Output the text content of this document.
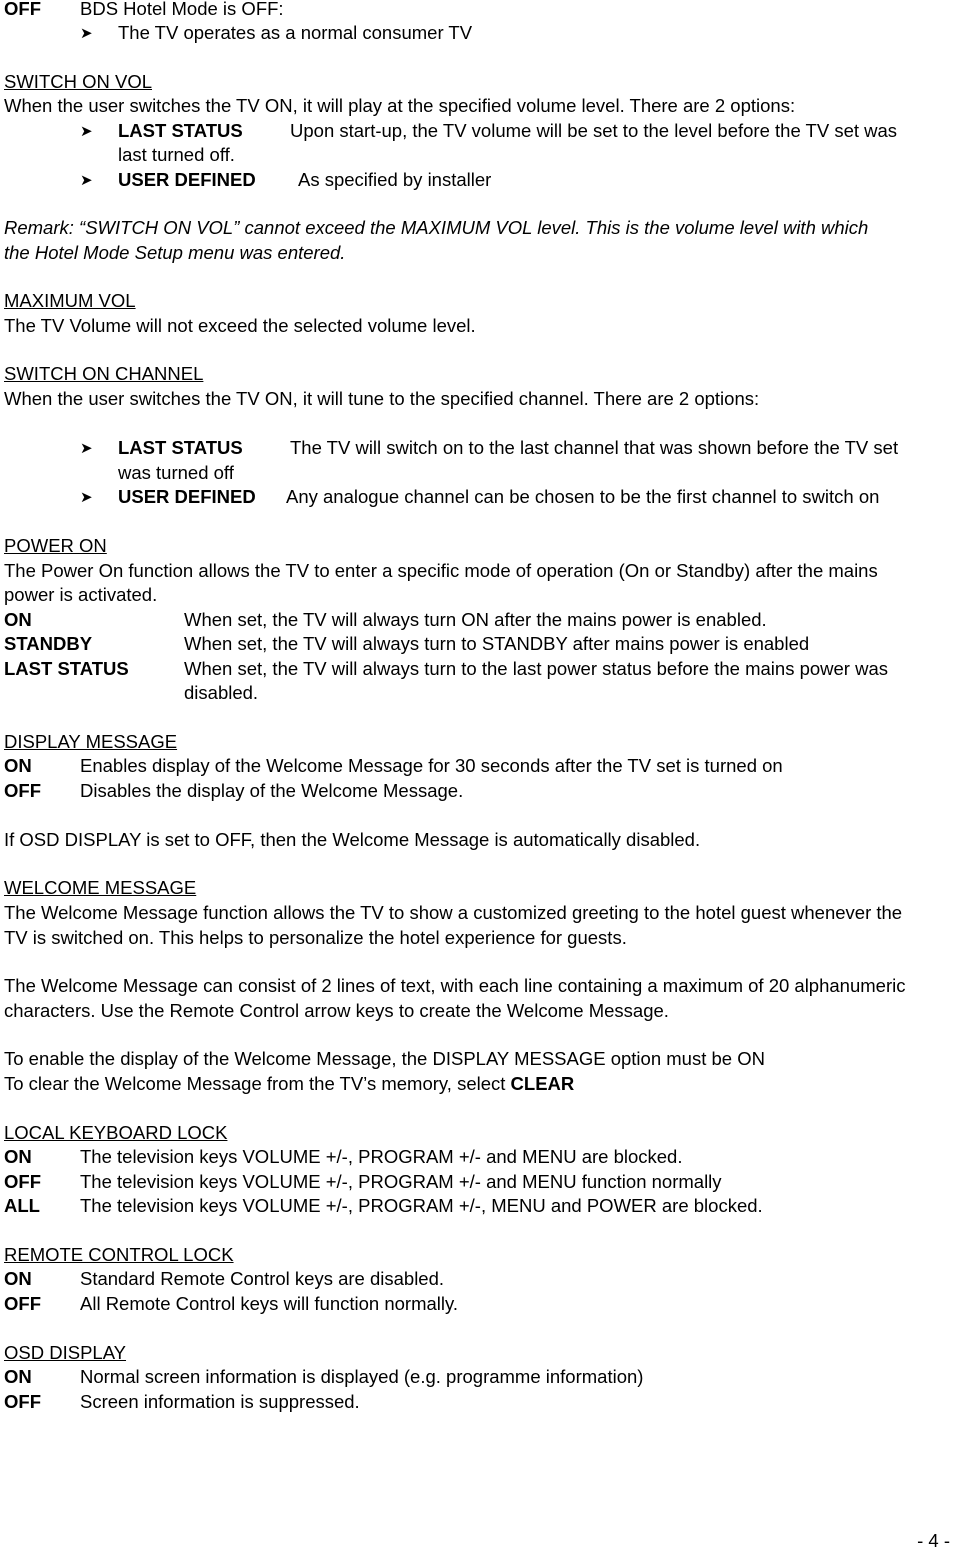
OFF BDS Hotel Mode is OFF:
➤ The TV operates as a normal consumer TV
SWITCH ON VOL
When the user switches the TV ON, it will play at the specified volume level. There are 2 options:
➤ LAST STATUS	Upon start-up, the TV volume will be set to the level before the TV set was
last turned off.
➤ USER DEFINED As specified by installer
Remark: “SWITCH ON VOL” cannot exceed the MAXIMUM VOL level. This is the volume level with which
the Hotel Mode Setup menu was entered.
MAXIMUM VOL
The TV Volume will not exceed the selected volume level.
SWITCH ON CHANNEL
When the user switches the TV ON, it will tune to the specified channel. There are 2 options:
➤ LAST STATUS	The TV will switch on to the last channel that was shown before the TV set
was turned off
➤ USER DEFINED Any analogue channel can be chosen to be the first channel to switch on
POWER ON
The Power On function allows the TV to enter a specific mode of operation (On or Standby) after the mains
power is activated.
ON	When set, the TV will always turn ON after the mains power is enabled.
STANDBY	When set, the TV will always turn to STANDBY after mains power is enabled
LAST STATUS	When set, the TV will always turn to the last power status before the mains power was
disabled.
DISPLAY MESSAGE
ON	Enables display of the Welcome Message for 30 seconds after the TV set is turned on
OFF Disables the display of the Welcome Message.
If OSD DISPLAY is set to OFF, then the Welcome Message is automatically disabled.
WELCOME MESSAGE
The Welcome Message function allows the TV to show a customized greeting to the hotel guest whenever the
TV is switched on. This helps to personalize the hotel experience for guests.
The Welcome Message can consist of 2 lines of text, with each line containing a maximum of 20 alphanumeric
characters. Use the Remote Control arrow keys to create the Welcome Message.
To enable the display of the Welcome Message, the DISPLAY MESSAGE option must be ON
To clear the Welcome Message from the TV’s memory, select CLEAR
LOCAL KEYBOARD LOCK
ON	The television keys VOLUME +/-, PROGRAM +/- and MENU are blocked.
OFF The television keys VOLUME +/-, PROGRAM +/- and MENU function normally
ALL The television keys VOLUME +/-, PROGRAM +/-, MENU and POWER are blocked.
REMOTE CONTROL LOCK
ON	Standard Remote Control keys are disabled.
OFF All Remote Control keys will function normally.
OSD DISPLAY
ON	Normal screen information is displayed (e.g. programme information)
OFF Screen information is suppressed.
- 4 -
